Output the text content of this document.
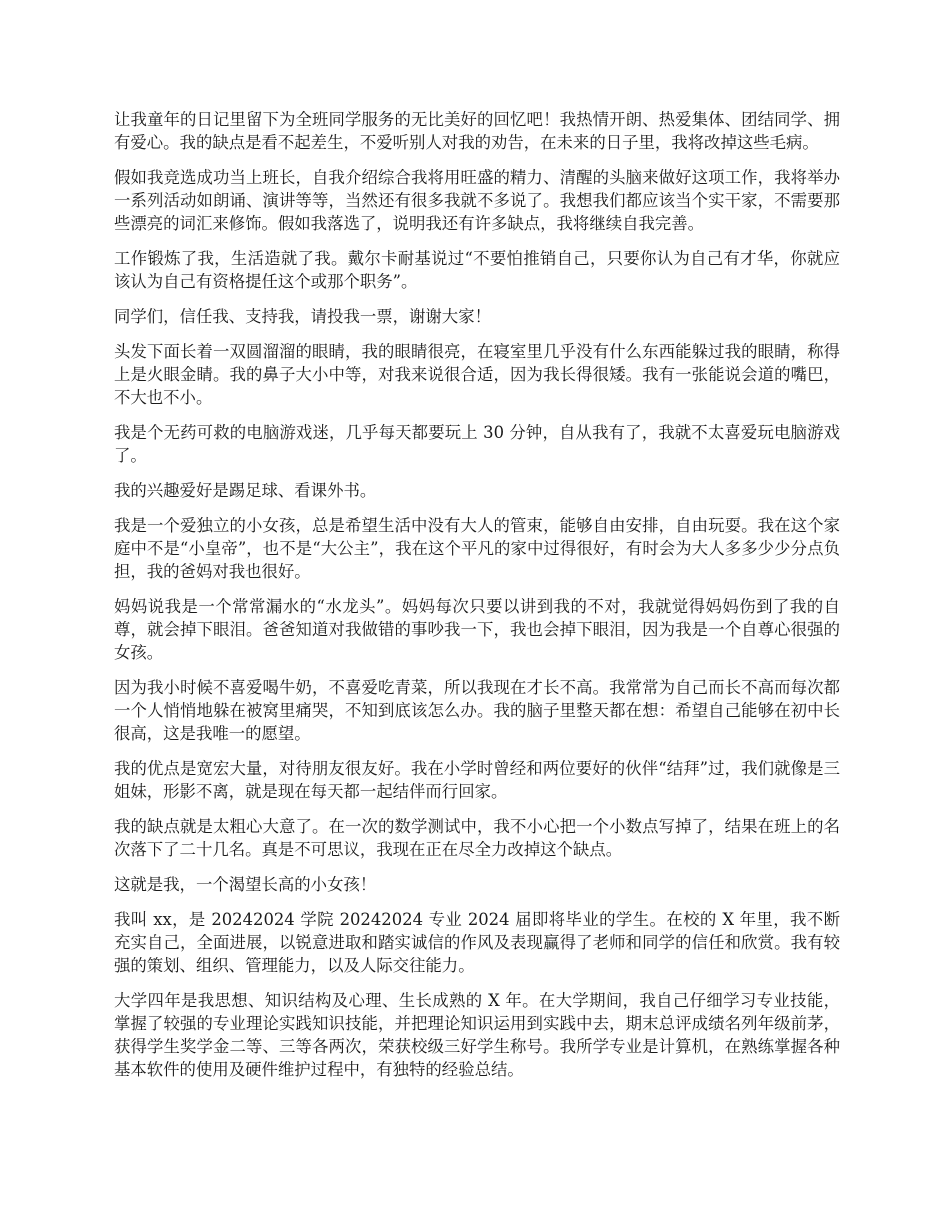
让我童年的日记里留下为全班同学服务的无比美好的回忆吧！我热情开朗、热爱集体、团结同学、拥有爱心。我的缺点是看不起差生，不爱听别人对我的劝告，在未来的日子里，我将改掉这些毛病。

假如我竞选成功当上班长，自我介绍综合我将用旺盛的精力、清醒的头脑来做好这项工作，我将举办一系列活动如朗诵、演讲等等，当然还有很多我就不多说了。我想我们都应该当个实干家，不需要那些漂亮的词汇来修饰。假如我落选了，说明我还有许多缺点，我将继续自我完善。

工作锻炼了我，生活造就了我。戴尔卡耐基说过“不要怕推销自己，只要你认为自己有才华，你就应该认为自己有资格提任这个或那个职务”。

同学们，信任我、支持我，请投我一票，谢谢大家！

头发下面长着一双圆溜溜的眼睛，我的眼睛很亮，在寝室里几乎没有什么东西能躲过我的眼睛，称得上是火眼金睛。我的鼻子大小中等，对我来说很合适，因为我长得很矮。我有一张能说会道的嘴巴，不大也不小。

我是个无药可救的电脑游戏迷，几乎每天都要玩上 30 分钟，自从我有了，我就不太喜爱玩电脑游戏了。

我的兴趣爱好是踢足球、看课外书。

我是一个爱独立的小女孩，总是希望生活中没有大人的管束，能够自由安排，自由玩耍。我在这个家庭中不是“小皇帝”，也不是“大公主”，我在这个平凡的家中过得很好，有时会为大人多多少少分点负担，我的爸妈对我也很好。

妈妈说我是一个常常漏水的“水龙头”。妈妈每次只要以讲到我的不对，我就觉得妈妈伤到了我的自尊，就会掉下眼泪。爸爸知道对我做错的事吵我一下，我也会掉下眼泪，因为我是一个自尊心很强的女孩。

因为我小时候不喜爱喝牛奶，不喜爱吃青菜，所以我现在才长不高。我常常为自己而长不高而每次都一个人悄悄地躲在被窝里痛哭，不知到底该怎么办。我的脑子里整天都在想：希望自己能够在初中长很高，这是我唯一的愿望。

我的优点是宽宏大量，对待朋友很友好。我在小学时曾经和两位要好的伙伴“结拜”过，我们就像是三姐妹，形影不离，就是现在每天都一起结伴而行回家。

我的缺点就是太粗心大意了。在一次的数学测试中，我不小心把一个小数点写掉了，结果在班上的名次落下了二十几名。真是不可思议，我现在正在尽全力改掉这个缺点。

这就是我，一个渴望长高的小女孩！

我叫 xx，是 20242024 学院 20242024 专业 2024 届即将毕业的学生。在校的 X 年里，我不断充实自己，全面进展，以锐意进取和踏实诚信的作风及表现赢得了老师和同学的信任和欣赏。我有较强的策划、组织、管理能力，以及人际交往能力。

大学四年是我思想、知识结构及心理、生长成熟的 X 年。在大学期间，我自己仔细学习专业技能，掌握了较强的专业理论实践知识技能，并把理论知识运用到实践中去，期末总评成绩名列年级前茅，获得学生奖学金二等、三等各两次，荣获校级三好学生称号。我所学专业是计算机，在熟练掌握各种基本软件的使用及硬件维护过程中，有独特的经验总结。
